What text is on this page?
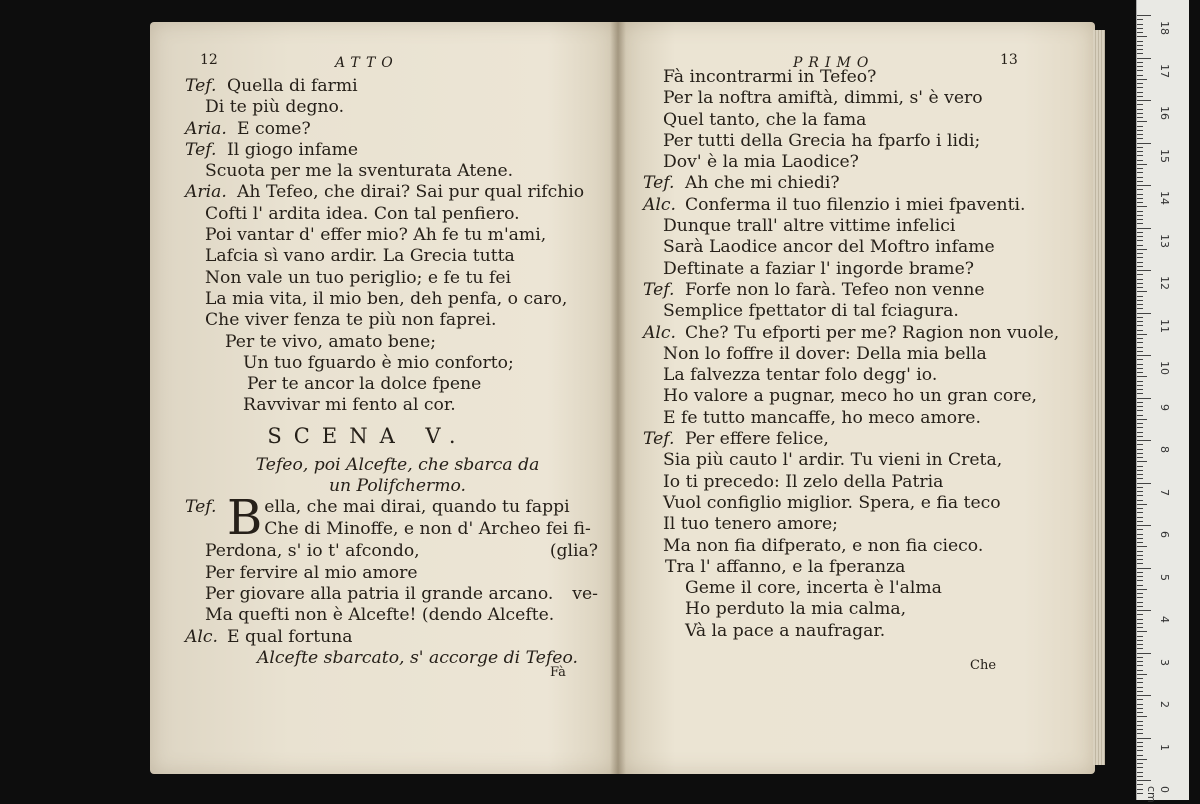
12	ATTO
Tef. Quella di farmi
Di te più degno.
Aria. E come?
Tef. Il giogo infame
Scuota per me la sventurata Atene.
Aria. Ah Tefeo, che dirai? Sai pur qual rifchio
Cofti l' ardita idea. Con tal penfiero.
Poi vantar d' effer mio? Ah fe tu m'ami,
Lafcia sì vano ardir. La Grecia tutta
Non vale un tuo periglio; e fe tu fei
La mia vita, il mio ben, deh penfa, o caro,
Che viver fenza te più non faprei.
Per te vivo, amato bene;
Un tuo fguardo è mio conforto;
Per te ancor la dolce fpene
Ravvivar mi fento al cor.
SCENA V.
Tefeo, poi Alcefte, che sbarca da
un Polifchermo.
Tef. B ella, che mai dirai, quando tu fappi
Che di Minoffe, e non d' Archeo fei fi-
Perdona, s' io t' afcondo,	(glia?
Per fervire al mio amore
Per giovare alla patria il grande arcano. ve-
Ma quefti non è Alcefte! (dendo Alcefte.
Alc. E qual fortuna
Alcefte sbarcato, s' accorge di Tefeo.
Fà
PRIMO	13
Fà incontrarmi in Tefeo?
Per la noftra amiftà, dimmi, s' è vero
Quel tanto, che la fama
Per tutti della Grecia ha fparfo i lidi;
Dov' è la mia Laodice?
Tef. Ah che mi chiedi?
Alc. Conferma il tuo filenzio i miei fpaventi.
Dunque trall' altre vittime infelici
Sarà Laodice ancor del Moftro infame
Deftinate a faziar l' ingorde brame?
Tef. Forfe non lo farà. Tefeo non venne
Semplice fpettator di tal fciagura.
Alc. Che? Tu efporti per me? Ragion non vuole,
Non lo foffre il dover: Della mia bella
La falvezza tentar folo degg' io.
Ho valore a pugnar, meco ho un gran core,
E fe tutto mancaffe, ho meco amore.
Tef. Per effere felice,
Sia più cauto l' ardir. Tu vieni in Creta,
Io ti precedo: Il zelo della Patria
Vuol configlio miglior. Spera, e fia teco
Il tuo tenero amore;
Ma non fia difperato, e non fia cieco.
Tra l' affanno, e la fperanza
Geme il core, incerta è l'alma
Ho perduto la mia calma,
Và la pace a naufragar.
Che
18
17
16
15
14
13
12
11
10
9
8
7
6
5
4
3
2
1
0 cm
